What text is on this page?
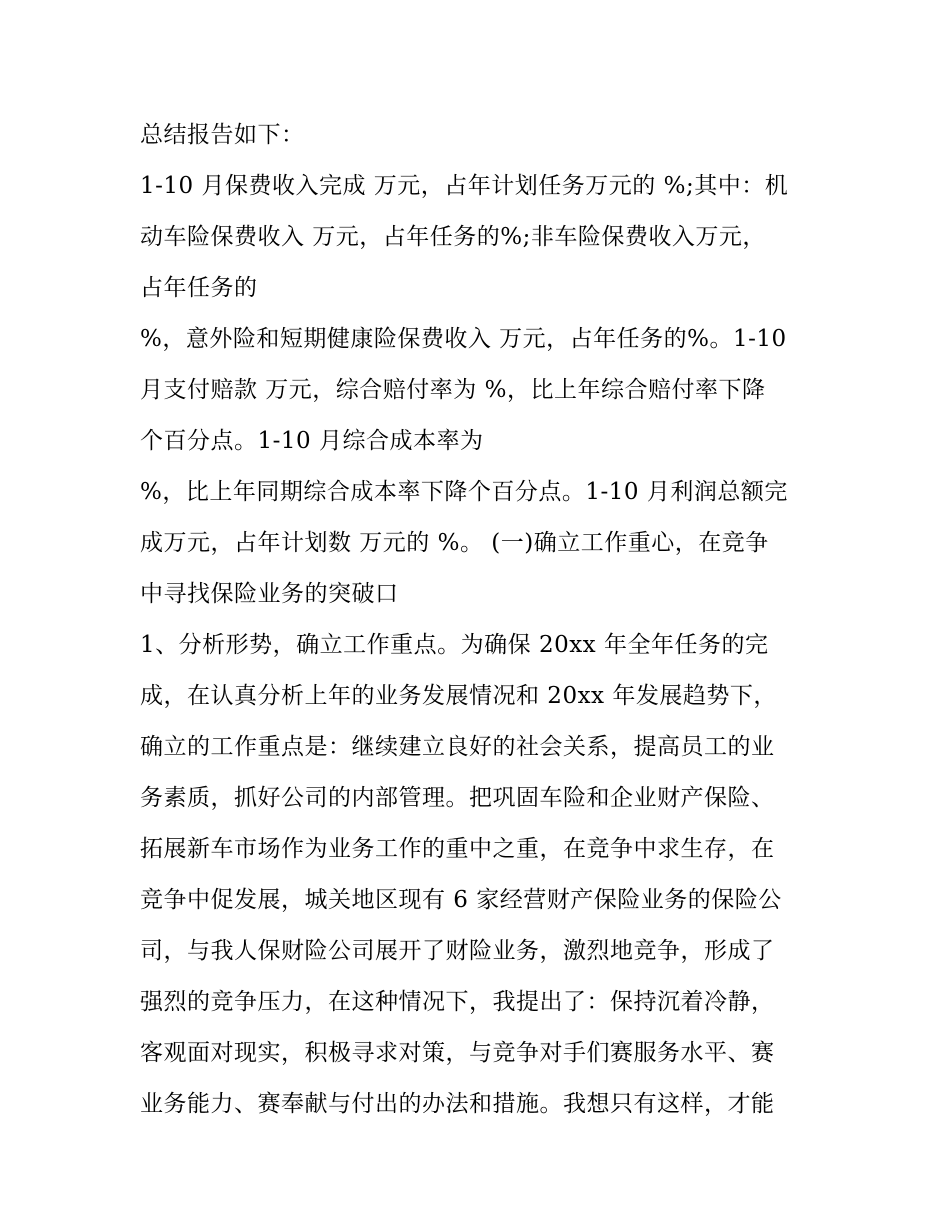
总结报告如下：
1-10 月保费收入完成 万元，占年计划任务万元的 %;其中：机
动车险保费收入 万元，占年任务的%;非车险保费收入万元，
占年任务的
%，意外险和短期健康险保费收入 万元，占年任务的%。1-10
月支付赔款 万元，综合赔付率为 %，比上年综合赔付率下降
个百分点。1-10 月综合成本率为
%，比上年同期综合成本率下降个百分点。1-10 月利润总额完
成万元，占年计划数 万元的 %。 (一)确立工作重心，在竞争
中寻找保险业务的突破口
1、分析形势，确立工作重点。为确保 20xx 年全年任务的完
成，在认真分析上年的业务发展情况和 20xx 年发展趋势下，
确立的工作重点是：继续建立良好的社会关系，提高员工的业
务素质，抓好公司的内部管理。把巩固车险和企业财产保险、
拓展新车市场作为业务工作的重中之重，在竞争中求生存，在
竞争中促发展，城关地区现有 6 家经营财产保险业务的保险公
司，与我人保财险公司展开了财险业务，激烈地竞争，形成了
强烈的竞争压力，在这种情况下，我提出了：保持沉着冷静，
客观面对现实，积极寻求对策，与竞争对手们赛服务水平、赛
业务能力、赛奉献与付出的办法和措施。我想只有这样，才能
